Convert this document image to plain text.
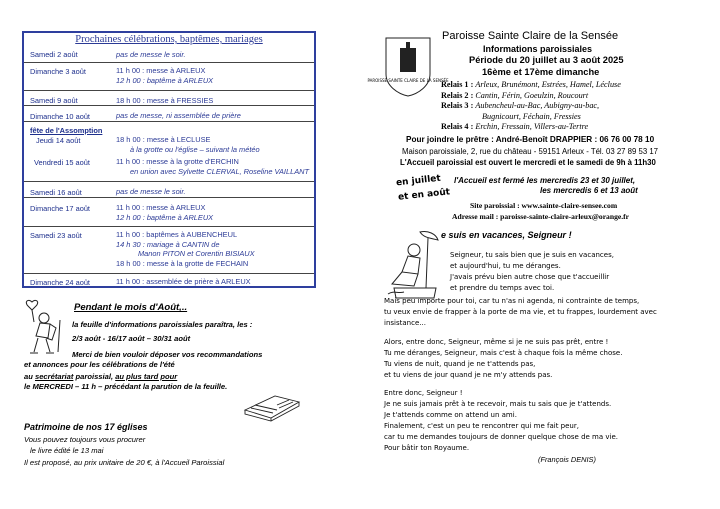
Prochaines célébrations, baptêmes, mariages
Samedi 2 août	pas de messe le soir.
Dimanche 3 août	11 h 00 : messe à ARLEUX
12 h 00 : baptême à ARLEUX
Samedi 9 août	18 h 00 : messe à FRESSIES
Dimanche 10 août	pas de messe, ni assemblée de prière
fête de l'Assomption
Jeudi 14 août	18 h 00 : messe à LECLUSE
à la grotte ou l'église – suivant la météo
Vendredi 15 août	11 h 00 : messe à la grotte d'ERCHIN
en union avec Sylvette CLERVAL, Roseline VAILLANT
Samedi 16 août	pas de messe le soir.
Dimanche 17 août	11 h 00 : messe à ARLEUX
12 h 00 : baptême à ARLEUX
Samedi 23 août	11 h 00 : baptêmes à AUBENCHEUL
14 h 30 : mariage à CANTIN de
Manon PITON et Corentin BISIAUX
18 h 00 : messe à la grotte de FECHAIN
Dimanche 24 août	11 h 00 : assemblée de prière à ARLEUX
Pendant le mois d'Août,..
la feuille d'informations paroissiales paraîtra, les :
2/3 août - 16/17 août – 30/31 août
Merci de bien vouloir déposer vos recommandations
et annonces pour les célébrations de l'été
au secrétariat paroissial, au plus tard pour
le MERCREDI – 11 h – précédant la parution de la feuille.
Patrimoine de nos 17 églises
Vous pouvez toujours vous procurer
le livre édité le 13 mai
Il est proposé, au prix unitaire de 20 €, à l'Accueil Paroissial
PAROISSE SAINTE CLAIRE DE LA SENSÉE
Paroisse Sainte Claire de la Sensée
Informations paroissiales
Période du 20 juillet au 3 août 2025
16ème et 17ème dimanche
Relais 1 : Arleux, Brunémont, Estrées, Hamel, Lécluse
Relais 2 : Cantin, Férin, Goeulzin, Roucourt
Relais 3 : Aubencheul-au-Bac, Aubigny-au-bac,
Bugnicourt, Féchain, Fressies
Relais 4 : Erchin, Fressain, Villers-au-Tertre
Pour joindre le prêtre : André-Benoît DRAPPIER : 06 76 00 78 10
Maison paroissiale, 2, rue du château - 59151 Arleux - Tél. 03 27 89 53 17
L'Accueil paroissial est ouvert le mercredi et le samedi de 9h à 11h30
en juillet
et en août
l'Accueil est fermé les mercredis 23 et 30 juillet,
les mercredis 6 et 13 août
Site paroissial : www.sainte-claire-sensee.com
Adresse mail : paroisse-sainte-claire-arleux@orange.fr
e suis en vacances, Seigneur !
Seigneur, tu sais bien que je suis en vacances,
et aujourd'hui, tu me déranges.
J'avais prévu bien autre chose que t'accueillir
et prendre du temps avec toi.
Mais peu importe pour toi, car tu n'as ni agenda, ni contrainte de temps,
tu veux envie de frapper à la porte de ma vie, et tu frappes, lourdement avec
insistance...
Alors, entre donc, Seigneur, même si je ne suis pas prêt, entre !
Tu me déranges, Seigneur, mais c'est à chaque fois la même chose.
Tu viens de nuit, quand je ne t'attends pas,
et tu viens de jour quand je ne m'y attends pas.
Entre donc, Seigneur !
Je ne suis jamais prêt à te recevoir, mais tu sais que je t'attends.
Je t'attends comme on attend un ami.
Finalement, c'est un peu te rencontrer qui me fait peur,
car tu me demandes toujours de donner quelque chose de ma vie.
Pour bâtir ton Royaume.
(François DENIS)
